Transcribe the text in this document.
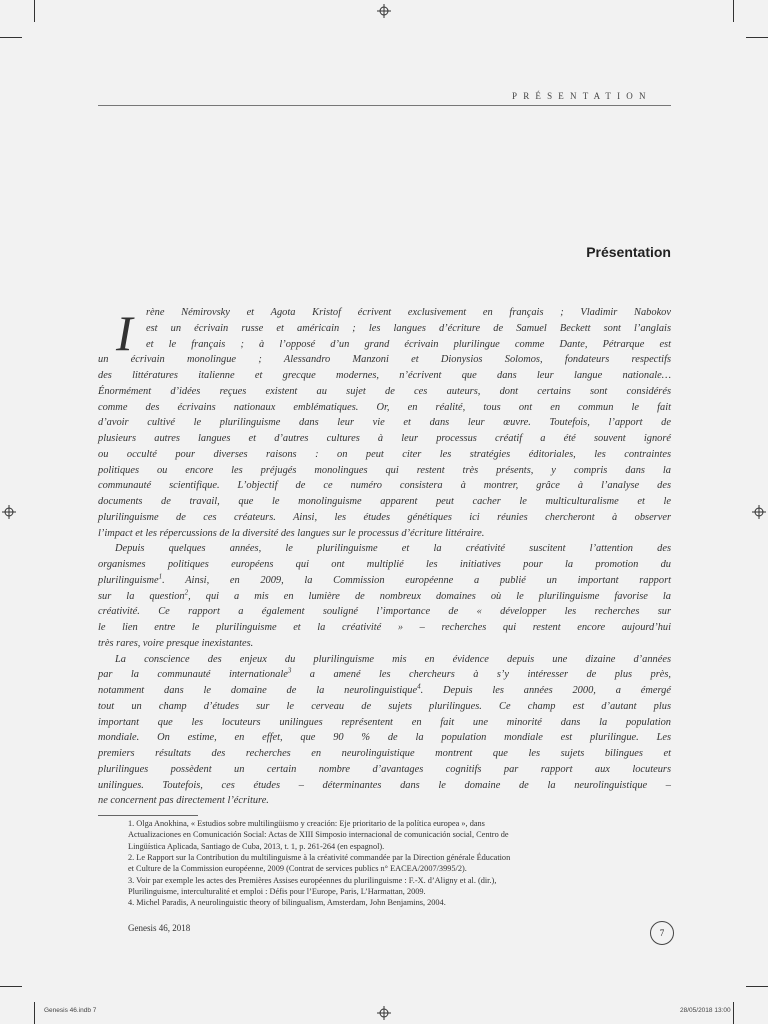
PRÉSENTATION
Présentation
I	rène Némirovsky et Agota Kristof écrivent exclusivement en français ; Vladimir Nabokov
est un écrivain russe et américain ; les langues d’écriture de Samuel Beckett sont l’anglais
et le français ; à l’opposé d’un grand écrivain plurilingue comme Dante, Pétrarque est
un écrivain monolingue ; Alessandro Manzoni et Dionysios Solomos, fondateurs respectifs
des littératures italienne et grecque modernes, n’écrivent que dans leur langue nationale…
Énormément d’idées reçues existent au sujet de ces auteurs, dont certains sont considérés
comme des écrivains nationaux emblématiques. Or, en réalité, tous ont en commun le fait
d’avoir cultivé le plurilinguisme dans leur vie et dans leur œuvre. Toutefois, l’apport de
plusieurs autres langues et d’autres cultures à leur processus créatif a été souvent ignoré
ou occulté pour diverses raisons : on peut citer les stratégies éditoriales, les contraintes
politiques ou encore les préjugés monolingues qui restent très présents, y compris dans la
communauté scientifique. L’objectif de ce numéro consistera à montrer, grâce à l’analyse des
documents de travail, que le monolinguisme apparent peut cacher le multiculturalisme et le
plurilinguisme de ces créateurs. Ainsi, les études génétiques ici réunies chercheront à observer
l’impact et les répercussions de la diversité des langues sur le processus d’écriture littéraire.
Depuis quelques années, le plurilinguisme et la créativité suscitent l’attention des
organismes politiques européens qui ont multiplié les initiatives pour la promotion du
plurilinguisme$^1$. Ainsi, en 2009, la Commission européenne a publié un important rapport
sur la question$^2$, qui a mis en lumière de nombreux domaines où le plurilinguisme favorise la
créativité. Ce rapport a également souligné l’importance de « développer les recherches sur
le lien entre le plurilinguisme et la créativité » – recherches qui restent encore aujourd’hui
très rares, voire presque inexistantes.
La conscience des enjeux du plurilinguisme mis en évidence depuis une dizaine d’années
par la communauté internationale$^3$ a amené les chercheurs à s’y intéresser de plus près,
notamment dans le domaine de la neurolinguistique$^4$. Depuis les années 2000, a émergé
tout un champ d’études sur le cerveau de sujets plurilingues. Ce champ est d’autant plus
important que les locuteurs unilingues représentent en fait une minorité dans la population
mondiale. On estime, en effet, que 90 % de la population mondiale est plurilingue. Les
premiers résultats des recherches en neurolinguistique montrent que les sujets bilingues et
plurilingues possèdent un certain nombre d’avantages cognitifs par rapport aux locuteurs
unilingues. Toutefois, ces études – déterminantes dans le domaine de la neurolinguistique –
ne concernent pas directement l’écriture.
1. Olga Anokhina, « Estudios sobre multilingüismo y creación: Eje prioritario de la política europea », dans
Actualizaciones en Comunicación Social: Actas de XIII Simposio internacional de comunicación social, Centro de
Lingüística Aplicada, Santiago de Cuba, 2013, t. 1, p. 261-264 (en espagnol).
2. Le Rapport sur la Contribution du multilinguisme à la créativité commandée par la Direction générale Éducation
et Culture de la Commission européenne, 2009 (Contrat de services publics n° EACEA/2007/3995/2).
3. Voir par exemple les actes des Premières Assises européennes du plurilinguisme : F.-X. d’Aligny et al. (dir.),
Plurilinguisme, interculturalité et emploi : Défis pour l’Europe, Paris, L’Harmattan, 2009.
4. Michel Paradis, A neurolinguistic theory of bilingualism, Amsterdam, John Benjamins, 2004.
Genesis 46, 2018	7
Genesis 46.indb 7	28/05/2018 13:00
